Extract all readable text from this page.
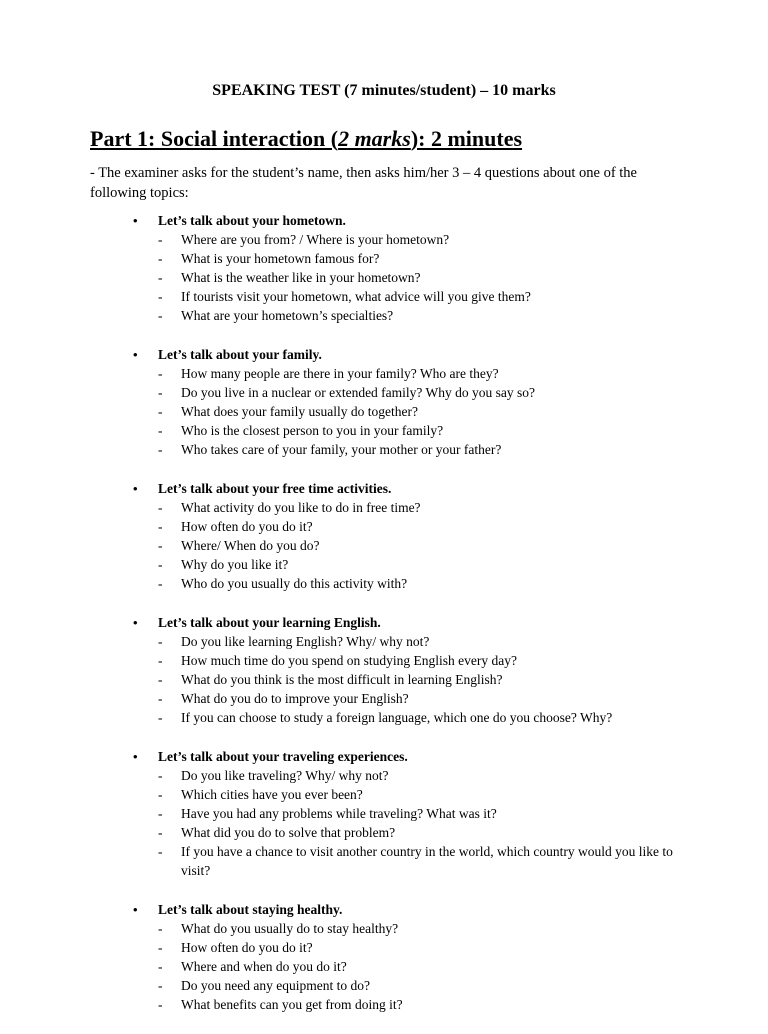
SPEAKING TEST (7 minutes/student) – 10 marks
Part 1: Social interaction (2 marks): 2 minutes
- The examiner asks for the student’s name, then asks him/her 3 – 4 questions about one of the following topics:
• Let’s talk about your hometown.
- Where are you from? / Where is your hometown?
- What is your hometown famous for?
- What is the weather like in your hometown?
- If tourists visit your hometown, what advice will you give them?
- What are your hometown’s specialties?
• Let’s talk about your family.
- How many people are there in your family? Who are they?
- Do you live in a nuclear or extended family? Why do you say so?
- What does your family usually do together?
- Who is the closest person to you in your family?
- Who takes care of your family, your mother or your father?
• Let’s talk about your free time activities.
- What activity do you like to do in free time?
- How often do you do it?
- Where/ When do you do?
- Why do you like it?
- Who do you usually do this activity with?
• Let’s talk about your learning English.
- Do you like learning English? Why/ why not?
- How much time do you spend on studying English every day?
- What do you think is the most difficult in learning English?
- What do you do to improve your English?
- If you can choose to study a foreign language, which one do you choose? Why?
• Let’s talk about your traveling experiences.
- Do you like traveling? Why/ why not?
- Which cities have you ever been?
- Have you had any problems while traveling? What was it?
- What did you do to solve that problem?
- If you have a chance to visit another country in the world, which country would you like to visit?
• Let’s talk about staying healthy.
- What do you usually do to stay healthy?
- How often do you do it?
- Where and when do you do it?
- Do you need any equipment to do?
- What benefits can you get from doing it?
